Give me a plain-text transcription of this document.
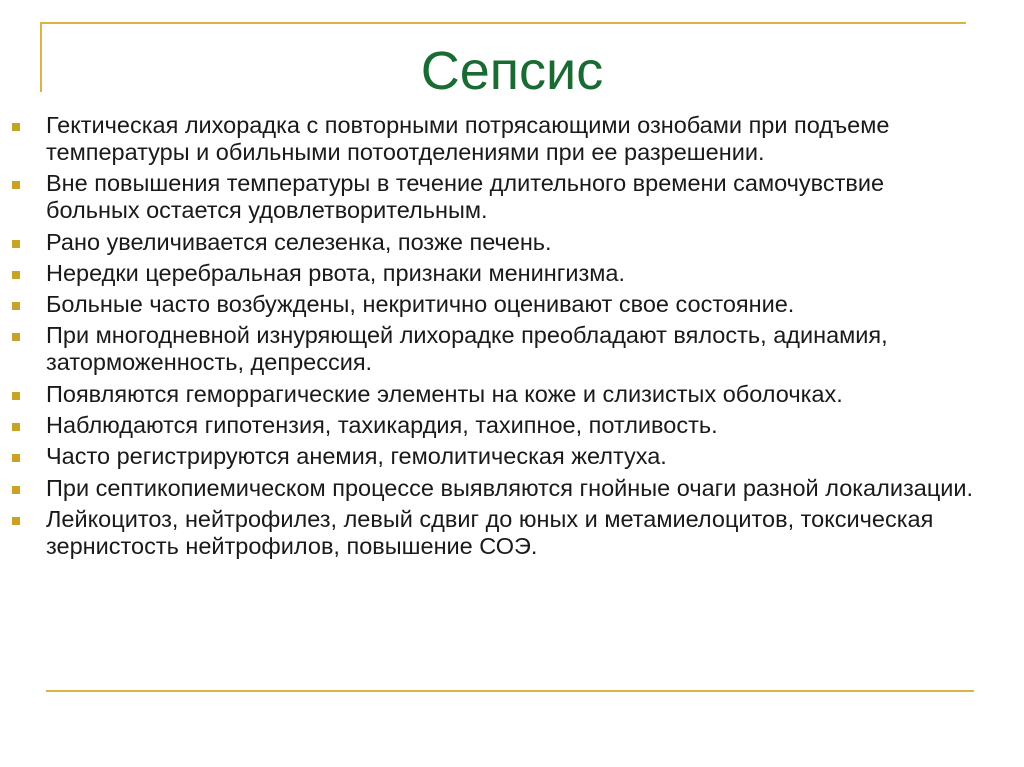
Сепсис
Гектическая лихорадка с повторными потрясающими ознобами при подъеме температуры и обильными потоотделениями при ее разрешении.
Вне повышения температуры в течение длительного времени самочувствие больных остается удовлетворительным.
Рано увеличивается селезенка, позже печень.
Нередки церебральная рвота, признаки менингизма.
Больные часто возбуждены, некритично оценивают свое состояние.
При многодневной изнуряющей лихорадке преобладают вялость, адинамия, заторможенность, депрессия.
Появляются геморрагические элементы на коже и слизистых оболочках.
Наблюдаются гипотензия, тахикардия, тахипное, потливость.
Часто регистрируются анемия, гемолитическая желтуха.
При септикопиемическом процессе выявляются гнойные очаги разной локализации.
Лейкоцитоз, нейтрофилез, левый сдвиг до юных и метамиелоцитов, токсическая зернистость нейтрофилов, повышение СОЭ.
